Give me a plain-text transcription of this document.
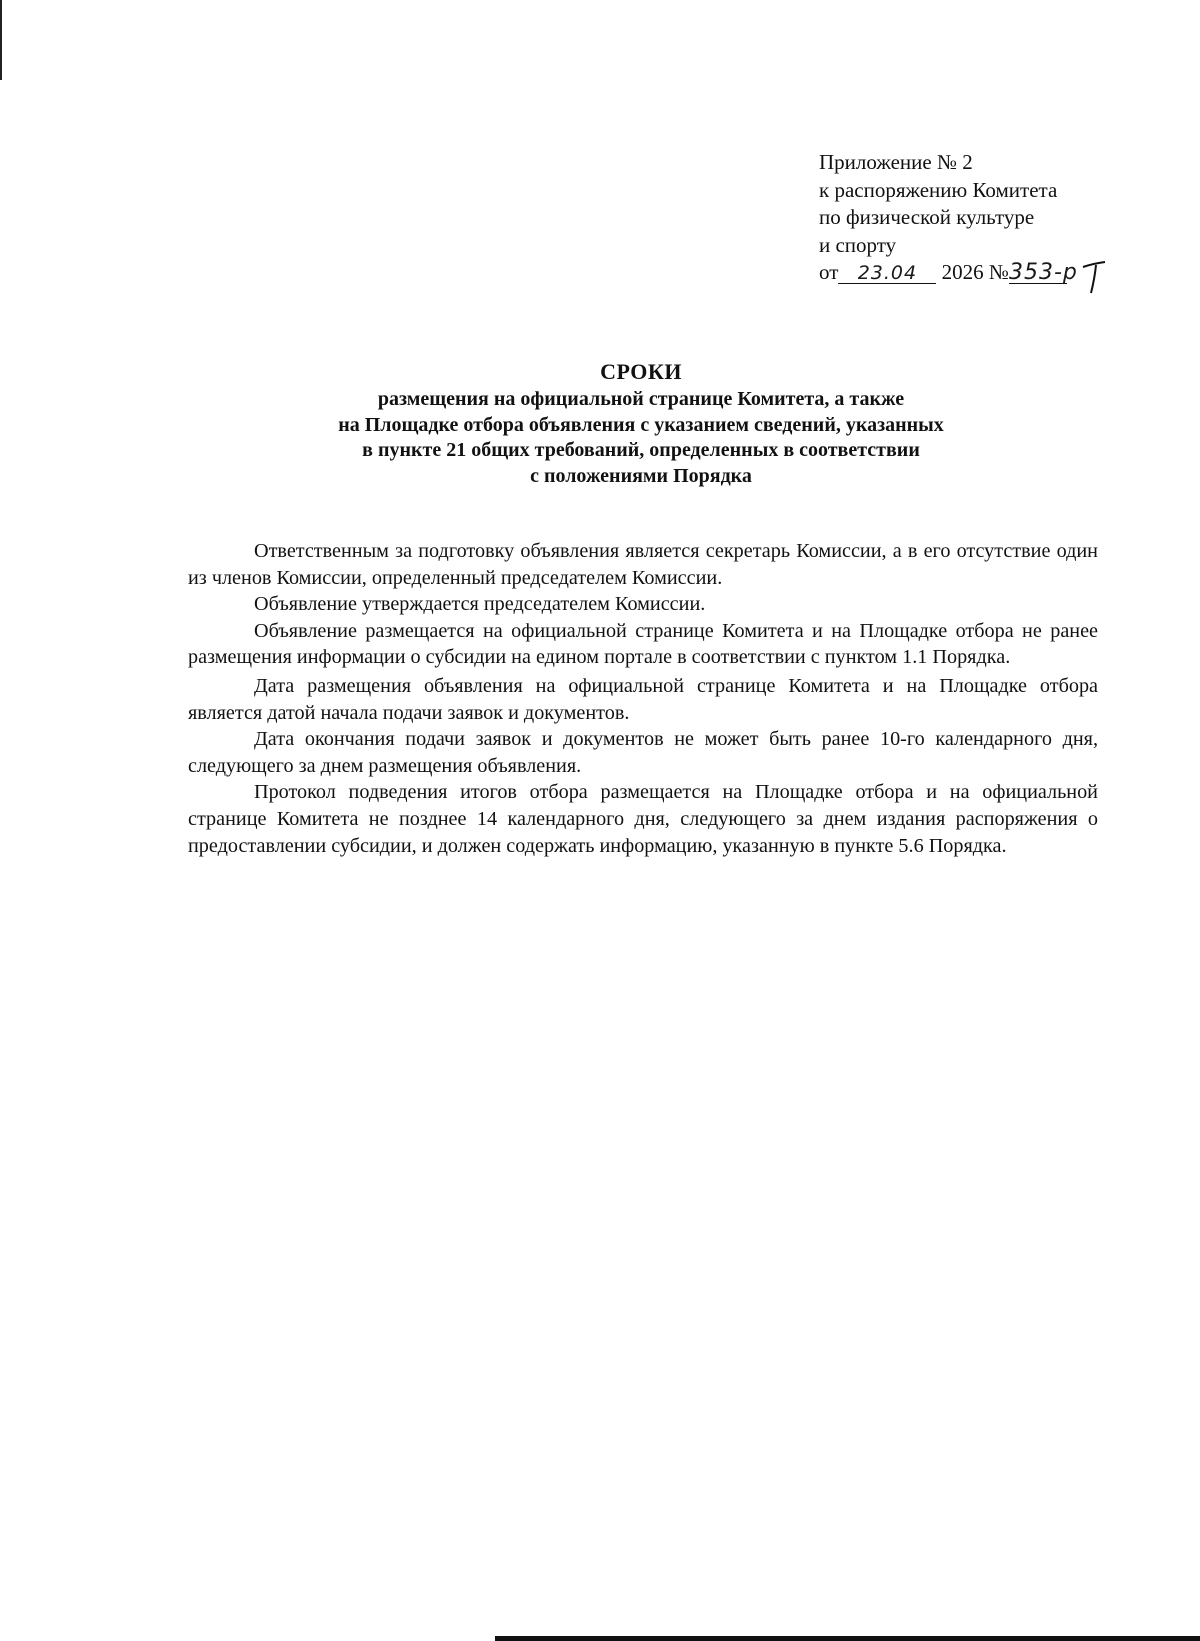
Приложение № 2
к распоряжению Комитета
по физической культуре
и спорту
от 23.04 2026 №353-р
СРОКИ
размещения на официальной странице Комитета, а также
на Площадке отбора объявления с указанием сведений, указанных
в пункте 21 общих требований, определенных в соответствии
с положениями Порядка

Ответственным за подготовку объявления является секретарь Комиссии, а в его отсутствие один из членов Комиссии, определенный председателем Комиссии.

Объявление утверждается председателем Комиссии.

Объявление размещается на официальной странице Комитета и на Площадке отбора не ранее размещения информации о субсидии на едином портале в соответствии с пунктом 1.1 Порядка.

Дата размещения объявления на официальной странице Комитета и на Площадке отбора является датой начала подачи заявок и документов.

Дата окончания подачи заявок и документов не может быть ранее 10-го календарного дня, следующего за днем размещения объявления.

Протокол подведения итогов отбора размещается на Площадке отбора и на официальной странице Комитета не позднее 14 календарного дня, следующего за днем издания распоряжения о предоставлении субсидии, и должен содержать информацию, указанную в пункте 5.6 Порядка.
